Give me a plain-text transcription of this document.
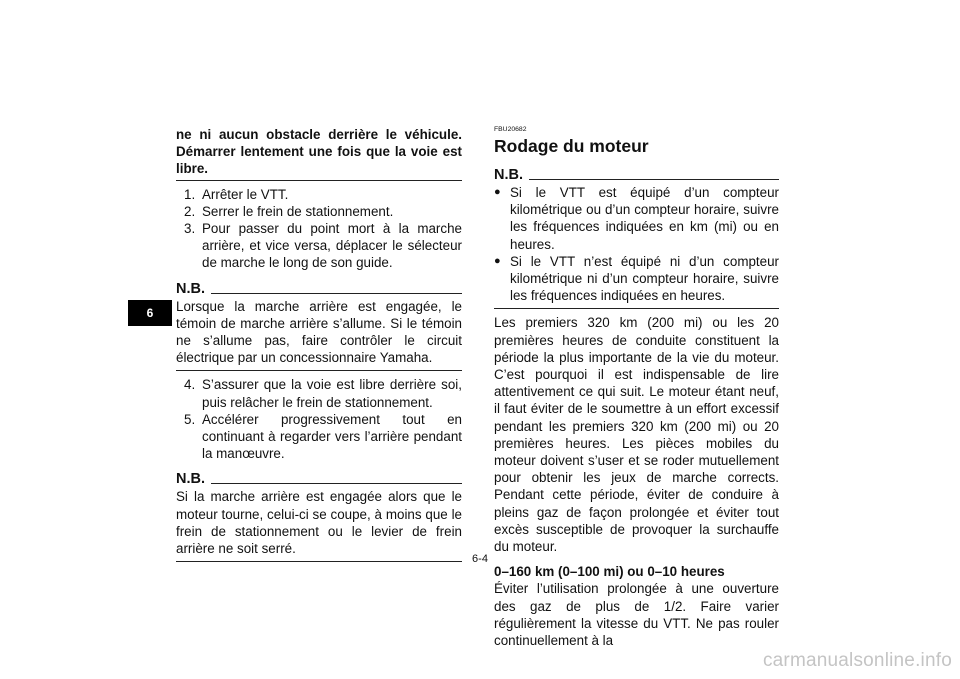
6

ne ni aucun obstacle derrière le véhicule. Démarrer lentement une fois que la voie est libre.

1. Arrêter le VTT.
2. Serrer le frein de stationnement.
3. Pour passer du point mort à la marche arrière, et vice versa, déplacer le sélecteur de marche le long de son guide.
N.B.

Lorsque la marche arrière est engagée, le témoin de marche arrière s’allume. Si le témoin ne s’allume pas, faire contrôler le circuit électrique par un concessionnaire Yamaha.

4. S’assurer que la voie est libre derrière soi, puis relâcher le frein de stationnement.
5. Accélérer progressivement tout en continuant à regarder vers l’arrière pendant la manœuvre.
N.B.

Si la marche arrière est engagée alors que le moteur tourne, celui-ci se coupe, à moins que le frein de stationnement ou le levier de frein arrière ne soit serré.

FBU20682
Rodage du moteur
N.B.
● Si le VTT est équipé d’un compteur kilométrique ou d’un compteur horaire, suivre les fréquences indiquées en km (mi) ou en heures.
● Si le VTT n’est équipé ni d’un compteur kilométrique ni d’un compteur horaire, suivre les fréquences indiquées en heures.

Les premiers 320 km (200 mi) ou les 20 premières heures de conduite constituent la période la plus importante de la vie du moteur. C’est pourquoi il est indispensable de lire attentivement ce qui suit. Le moteur étant neuf, il faut éviter de le soumettre à un effort excessif pendant les premiers 320 km (200 mi) ou 20 premières heures. Les pièces mobiles du moteur doivent s’user et se roder mutuellement pour obtenir les jeux de marche corrects. Pendant cette période, éviter de conduire à pleins gaz de façon prolongée et éviter tout excès susceptible de provoquer la surchauffe du moteur.

0–160 km (0–100 mi) ou 0–10 heures

Éviter l’utilisation prolongée à une ouverture des gaz de plus de 1/2. Faire varier régulièrement la vitesse du VTT. Ne pas rouler continuellement à la

6-4
carmanualsonline.info
